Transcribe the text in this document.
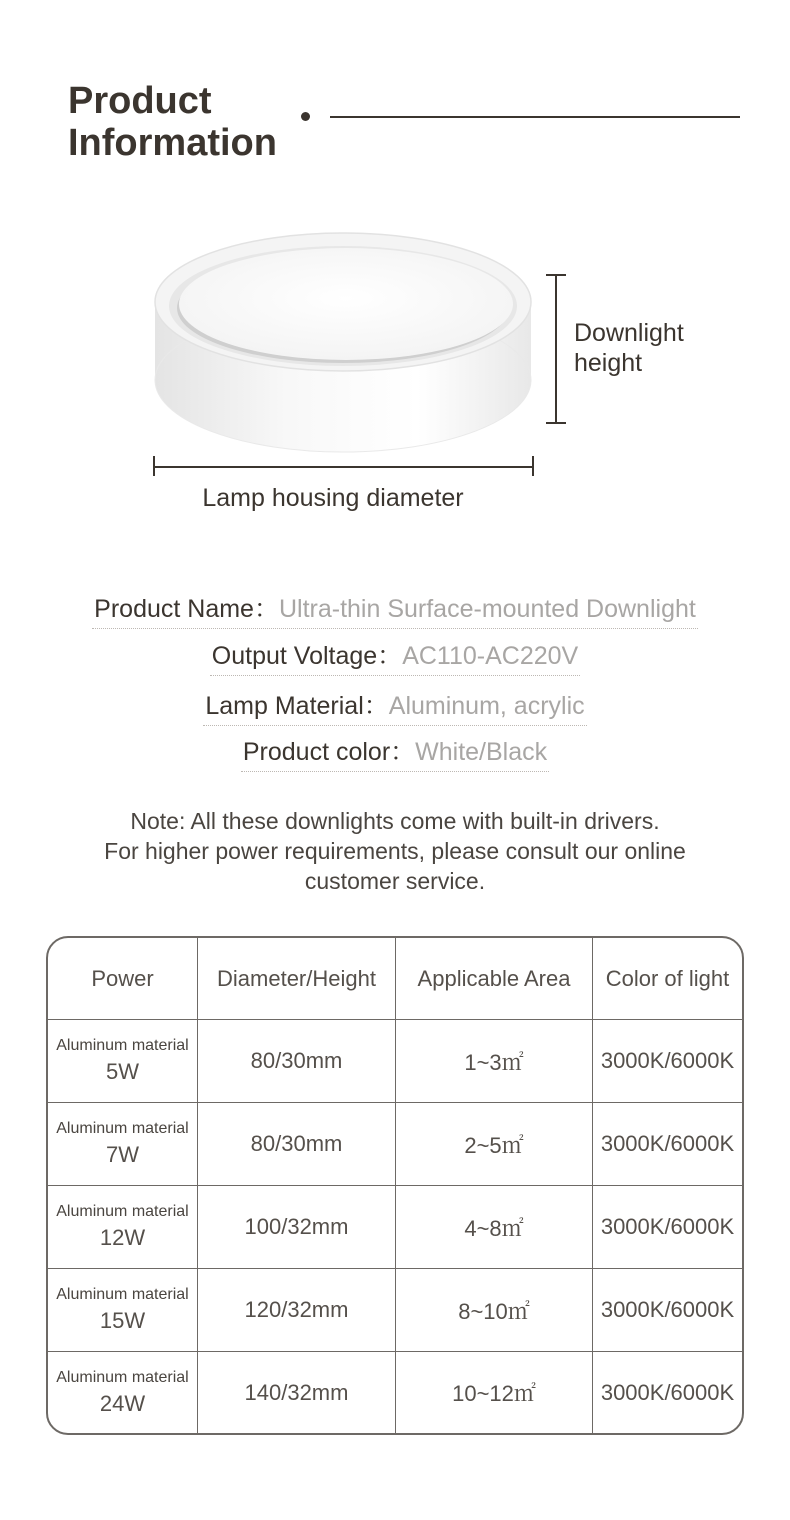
Product
Information
Downlight
height
Lamp housing diameter
Product Name：Ultra-thin Surface-mounted Downlight
Output Voltage：AC110-AC220V
Lamp Material：Aluminum, acrylic
Product color：White/Black
Note: All these downlights come with built-in drivers.
For higher power requirements, please consult our online
customer service.
Power	Diameter/Height	Applicable Area	Color of light
Aluminum material
5W	80/30mm	1~3㎡	3000K/6000K
Aluminum material
7W	80/30mm	2~5㎡	3000K/6000K
Aluminum material
12W	100/32mm	4~8㎡	3000K/6000K
Aluminum material
15W	120/32mm	8~10㎡	3000K/6000K
Aluminum material
24W	140/32mm	10~12㎡	3000K/6000K
